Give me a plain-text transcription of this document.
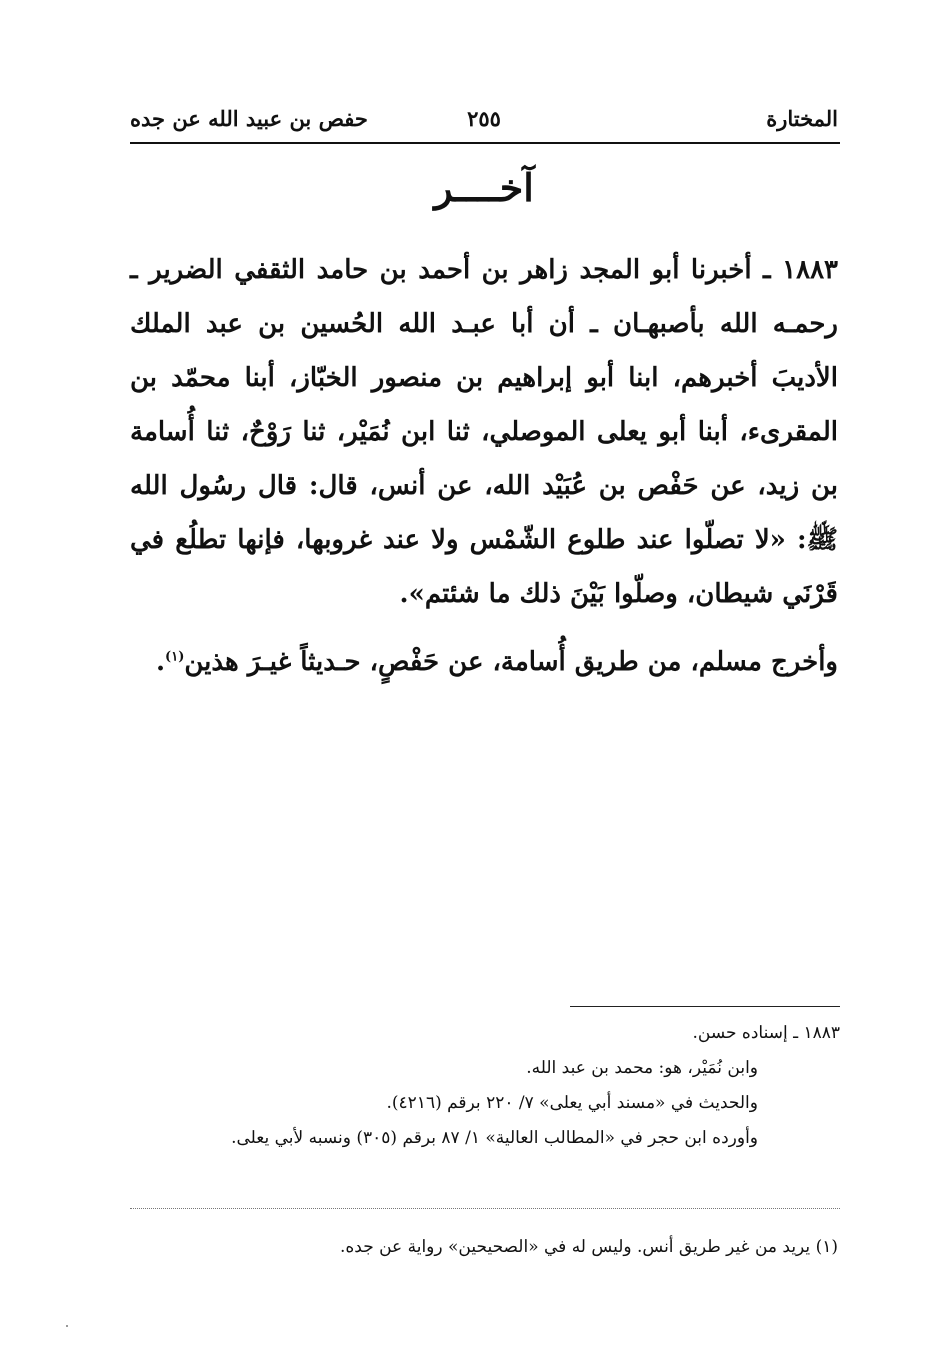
المختارة
٢٥٥
حفص بن عبيد الله عن جده
آخــــر

١٨٨٣ ـ أخبرنا أبو المجد زاهر بن أحمد بن حامد الثقفي الضرير ـ رحمـه الله بأصبهـان ـ أن أبا عبـد الله الحُسين بن عبد الملك الأديبَ أخبرهم، ابنا أبو إبراهيم بن منصور الخبّاز، أبنا محمّد بن المقرىء، أبنا أبو يعلى الموصلي، ثنا ابن نُمَيْر، ثنا رَوْحٌ، ثنا أُسامة بن زيد، عن حَفْص بن عُبَيْد الله، عن أنس، قال: قال رسُول الله ﷺ: «لا تصلّوا عند طلوع الشّمْس ولا عند غروبها، فإنها تطلُع في قَرْنَي شيطان، وصلّوا بَيْنَ ذلك ما شئتم».

وأخرج مسلم، من طريق أُسامة، عن حَفْصٍ، حـديثاً غيـرَ هذين$^{(١)}$.

١٨٨٣ ـ إسناده حسن.

وابن نُمَيْر، هو: محمد بن عبد الله.

والحديث في «مسند أبي يعلى» ٧/ ٢٢٠ برقم (٤٢١٦).

وأورده ابن حجر في «المطالب العالية» ١/ ٨٧ برقم (٣٠٥) ونسبه لأبي يعلى.

(١) يريد من غير طريق أنس. وليس له في «الصحيحين» رواية عن جده.
